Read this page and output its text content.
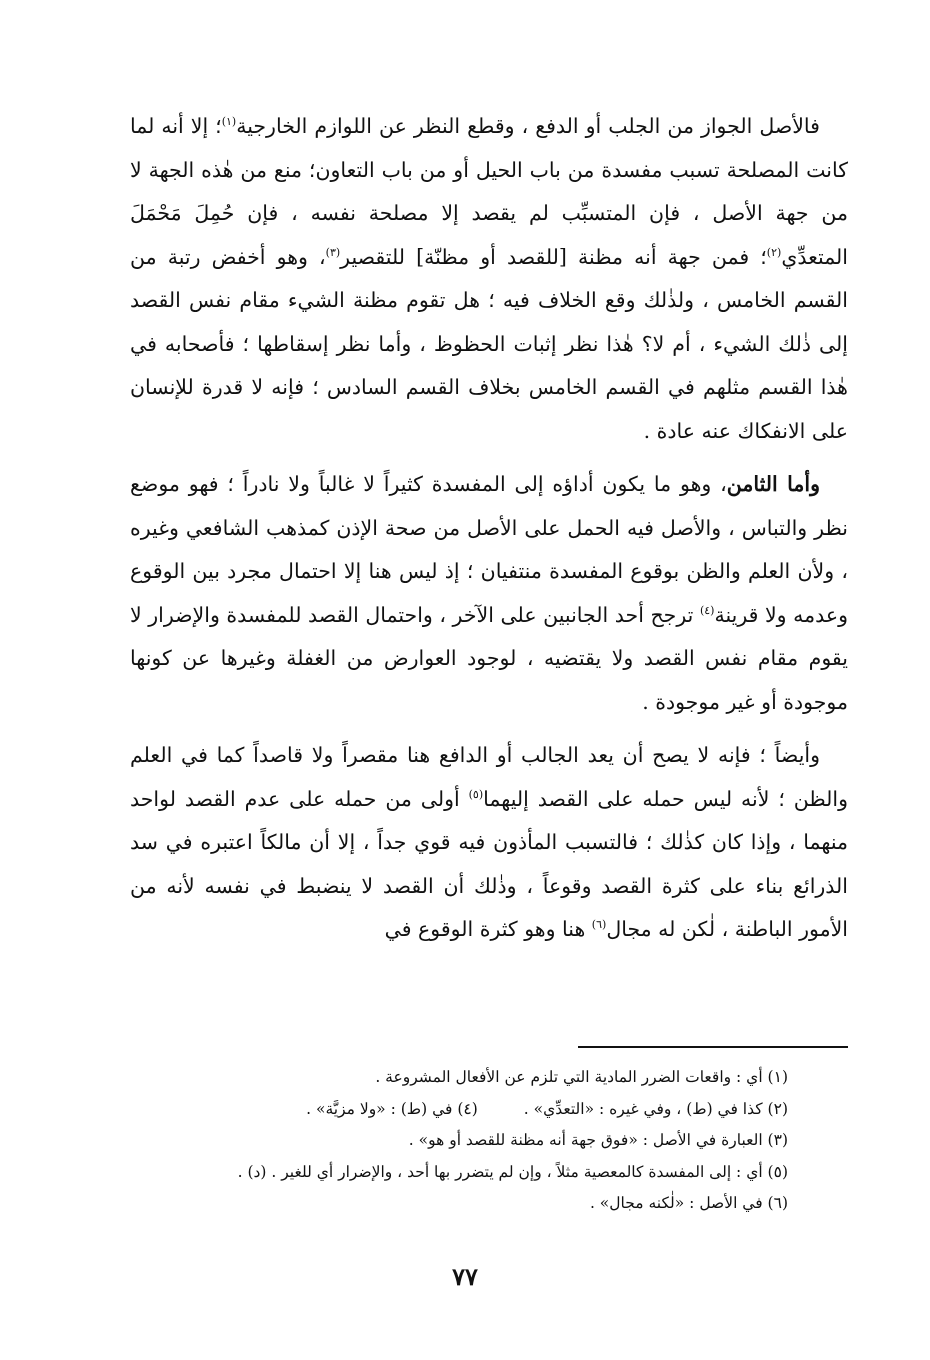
فالأصل الجواز من الجلب أو الدفع ، وقطع النظر عن اللوازم الخارجية$^{(١)}$؛ إلا أنه لما كانت المصلحة تسبب مفسدة من باب الحيل أو من باب التعاون؛ منع من هٰذه الجهة لا من جهة الأصل ، فإن المتسبِّب لم يقصد إلا مصلحة نفسه ، فإن حُمِلَ مَحْمَلَ المتعدِّي$^{(٢)}$؛ فمن جهة أنه مظنة [للقصد أو مظنّة] للتقصير$^{(٣)}$، وهو أخفض رتبة من القسم الخامس ، ولذٰلك وقع الخلاف فيه ؛ هل تقوم مظنة الشيء مقام نفس القصد إلى ذٰلك الشيء ، أم لا؟ هٰذا نظر إثبات الحظوظ ، وأما نظر إسقاطها ؛ فأصحابه في هٰذا القسم مثلهم في القسم الخامس بخلاف القسم السادس ؛ فإنه لا قدرة للإنسان على الانفكاك عنه عادة .

وأما الثامن، وهو ما يكون أداؤه إلى المفسدة كثيراً لا غالباً ولا نادراً ؛ فهو موضع نظر والتباس ، والأصل فيه الحمل على الأصل من صحة الإذن كمذهب الشافعي وغيره ، ولأن العلم والظن بوقوع المفسدة منتفيان ؛ إذ ليس هنا إلا احتمال مجرد بين الوقوع وعدمه ولا قرينة$^{(٤)}$ ترجح أحد الجانبين على الآخر ، واحتمال القصد للمفسدة والإضرار لا يقوم مقام نفس القصد ولا يقتضيه ، لوجود العوارض من الغفلة وغيرها عن كونها موجودة أو غير موجودة .

وأيضاً ؛ فإنه لا يصح أن يعد الجالب أو الدافع هنا مقصراً ولا قاصداً كما في العلم والظن ؛ لأنه ليس حمله على القصد إليهما$^{(٥)}$ أولى من حمله على عدم القصد لواحد منهما ، وإذا كان كذٰلك ؛ فالتسبب المأذون فيه قوي جداً ، إلا أن مالكاً اعتبره في سد الذرائع بناء على كثرة القصد وقوعاً ، وذٰلك أن القصد لا ينضبط في نفسه لأنه من الأمور الباطنة ، لٰكن له مجال$^{(٦)}$ هنا وهو كثرة الوقوع في

(١) أي : واقعات الضرر المادية التي تلزم عن الأفعال المشروعة .
(٢) كذا في (ط) ، وفي غيره : «التعدِّي» .(٤) في (ط) : «ولا مزيَّة» .
(٣) العبارة في الأصل : «فوق جهة أنه مظنة للقصد أو هو» .
(٥) أي : إلى المفسدة كالمعصية مثلاً ، وإن لم يتضرر بها أحد ، والإضرار أي للغير . (د) .
(٦) في الأصل : «لٰكنه مجال» .
٧٧
